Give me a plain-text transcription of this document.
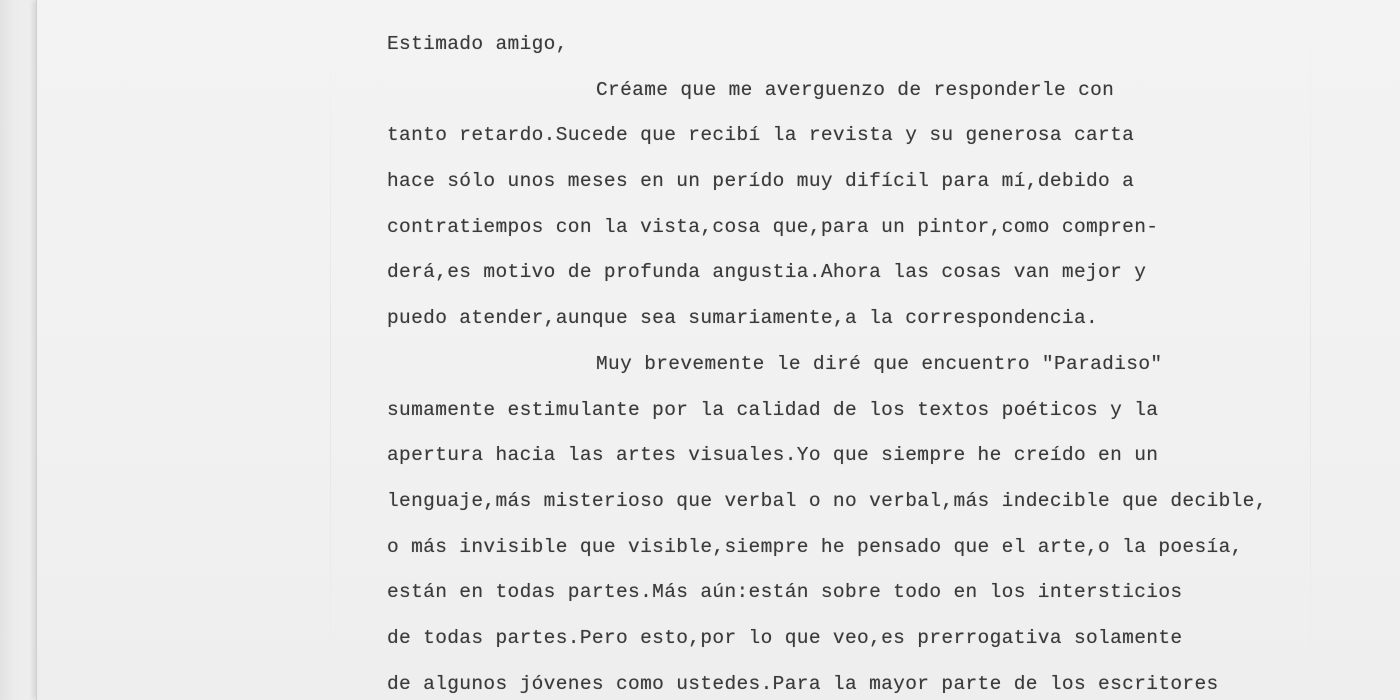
Estimado amigo,
Créame que me averguenzo de responderle con
tanto retardo.Sucede que recibí la revista y su generosa carta
hace sólo unos meses en un perído muy difícil para mí,debido a
contratiempos con la vista,cosa que,para un pintor,como compren-
derá,es motivo de profunda angustia.Ahora las cosas van mejor y
puedo atender,aunque sea sumariamente,a la correspondencia.
Muy brevemente le diré que encuentro "Paradiso"
sumamente estimulante por la calidad de los textos poéticos y la
apertura hacia las artes visuales.Yo que siempre he creído en un
lenguaje,más misterioso que verbal o no verbal,más indecible que decible,
o más invisible que visible,siempre he pensado que el arte,o la poesía,
están en todas partes.Más aún:están sobre todo en los intersticios
de todas partes.Pero esto,por lo que veo,es prerrogativa solamente
de algunos jóvenes como ustedes.Para la mayor parte de los escritores
